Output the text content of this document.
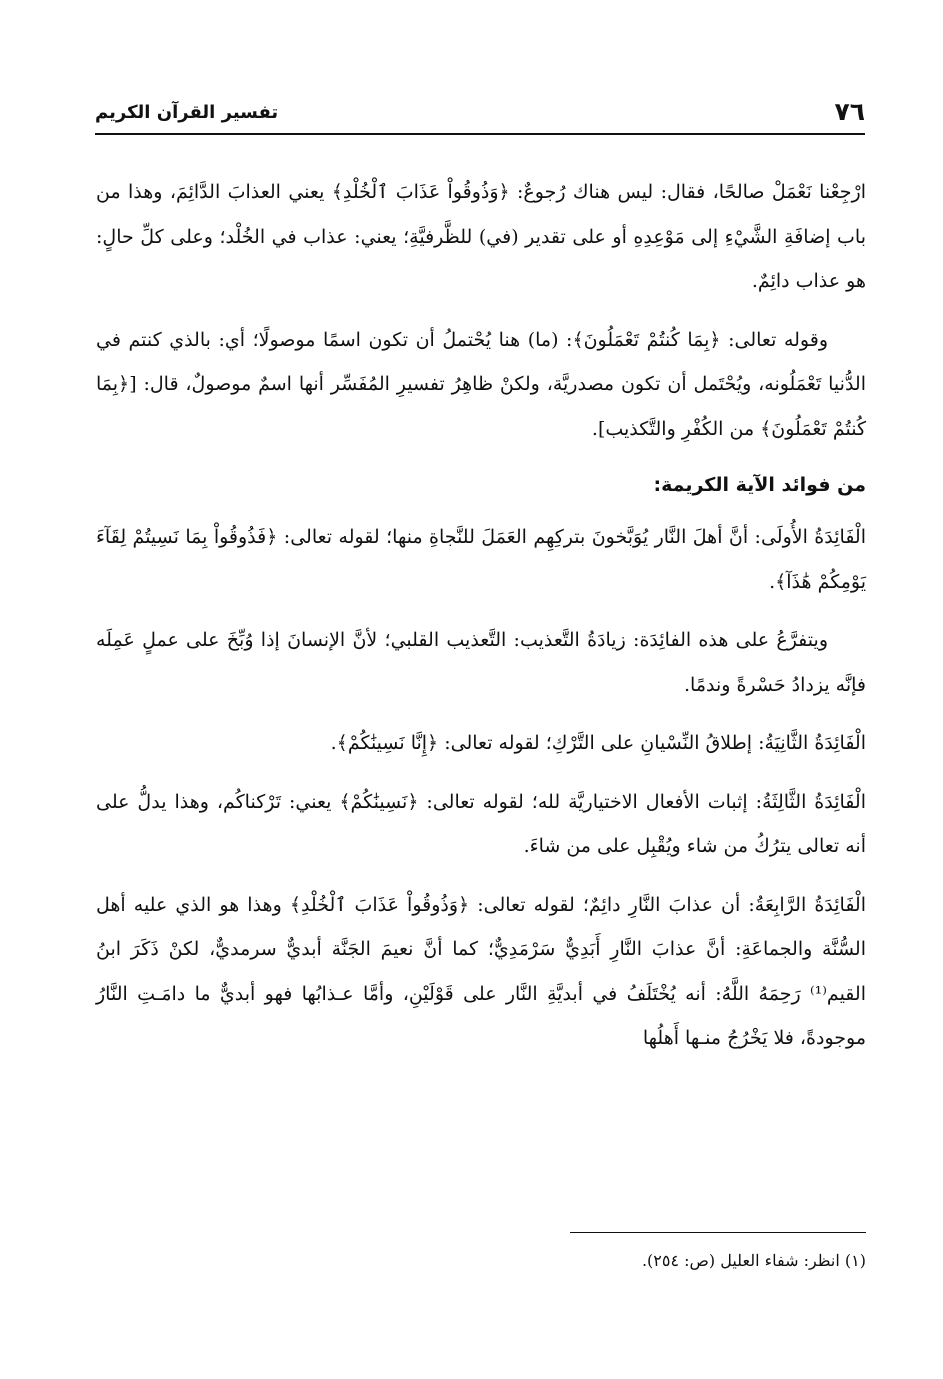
٧٦
تفسير القرآن الكريم

ارْجِعْنا نَعْمَلْ صالحًا، فقال: ليس هناك رُجوعٌ: ﴿وَذُوقُواْ عَذَابَ ٱلْخُلْدِ﴾ يعني العذابَ الدَّائِمَ، وهذا من باب إضافَةِ الشَّيْءِ إلى مَوْعِدِهِ أو على تقدير (في) للظَّرفيَّةِ؛ يعني: عذاب في الخُلْد؛ وعلى كلِّ حالٍ: هو عذاب دائِمٌ.

وقوله تعالى: ﴿بِمَا كُنتُمْ تَعْمَلُونَ﴾: (ما) هنا يُحْتملُ أن تكون اسمًا موصولًا؛ أي: بالذي كنتم في الدُّنيا تَعْمَلُونه، ويُحْتَمل أن تكون مصدريَّة، ولكنْ ظاهِرُ تفسيرِ المُفَسِّر أنها اسمٌ موصولٌ، قال: [﴿بِمَا كُنتُمْ تَعْمَلُونَ﴾ من الكُفْرِ والتَّكذيب].

من فوائد الآية الكريمة:

الْفَائِدَةُ الأُولَى: أنَّ أهلَ النَّار يُوَبَّخونَ بتركِهِم العَمَلَ للنَّجاةِ منها؛ لقوله تعالى: ﴿فَذُوقُواْ بِمَا نَسِيتُمْ لِقَآءَ يَوْمِكُمْ هَٰذَآ﴾.

ويتفرَّعُ على هذه الفائِدَة: زيادَةُ التَّعذيب: التَّعذيب القلبي؛ لأنَّ الإنسانَ إذا وُبِّخَ على عملٍ عَمِلَه فإنَّه يزدادُ حَسْرةً وندمًا.

الْفَائِدَةُ الثَّانِيَةُ: إطلاقُ النِّسْيانِ على التَّرْكِ؛ لقوله تعالى: ﴿إِنَّا نَسِينَٰكُمْ﴾.

الْفَائِدَةُ الثَّالِثَةُ: إثبات الأفعال الاختياريَّة لله؛ لقوله تعالى: ﴿نَسِينَٰكُمْ﴾ يعني: تَرْكناكُم، وهذا يدلُّ على أنه تعالى يترُكُ من شاء ويُقْبِل على من شاءَ.

الْفَائِدَةُ الرَّابِعَةُ: أن عذابَ النَّارِ دائِمٌ؛ لقوله تعالى: ﴿وَذُوقُواْ عَذَابَ ٱلْخُلْدِ﴾ وهذا هو الذي عليه أهل السُّنَّة والجماعَةِ: أنَّ عذابَ النَّارِ أَبَدِيٌّ سَرْمَدِيٌّ؛ كما أنَّ نعيمَ الجَنَّة أبديٌّ سرمديٌّ، لكنْ ذَكَرَ ابنُ القيم⁽¹⁾ رَحِمَهُ اللَّهُ: أنه يُخْتَلَفُ في أبديَّةِ النَّار على قَوْلَيْنِ، وأمَّا عـذابُها فهو أبديٌّ ما دامَـتِ النَّارُ موجودةً، فلا يَخْرُجُ منـها أَهلُها

(١) انظر: شفاء العليل (ص: ٢٥٤).
